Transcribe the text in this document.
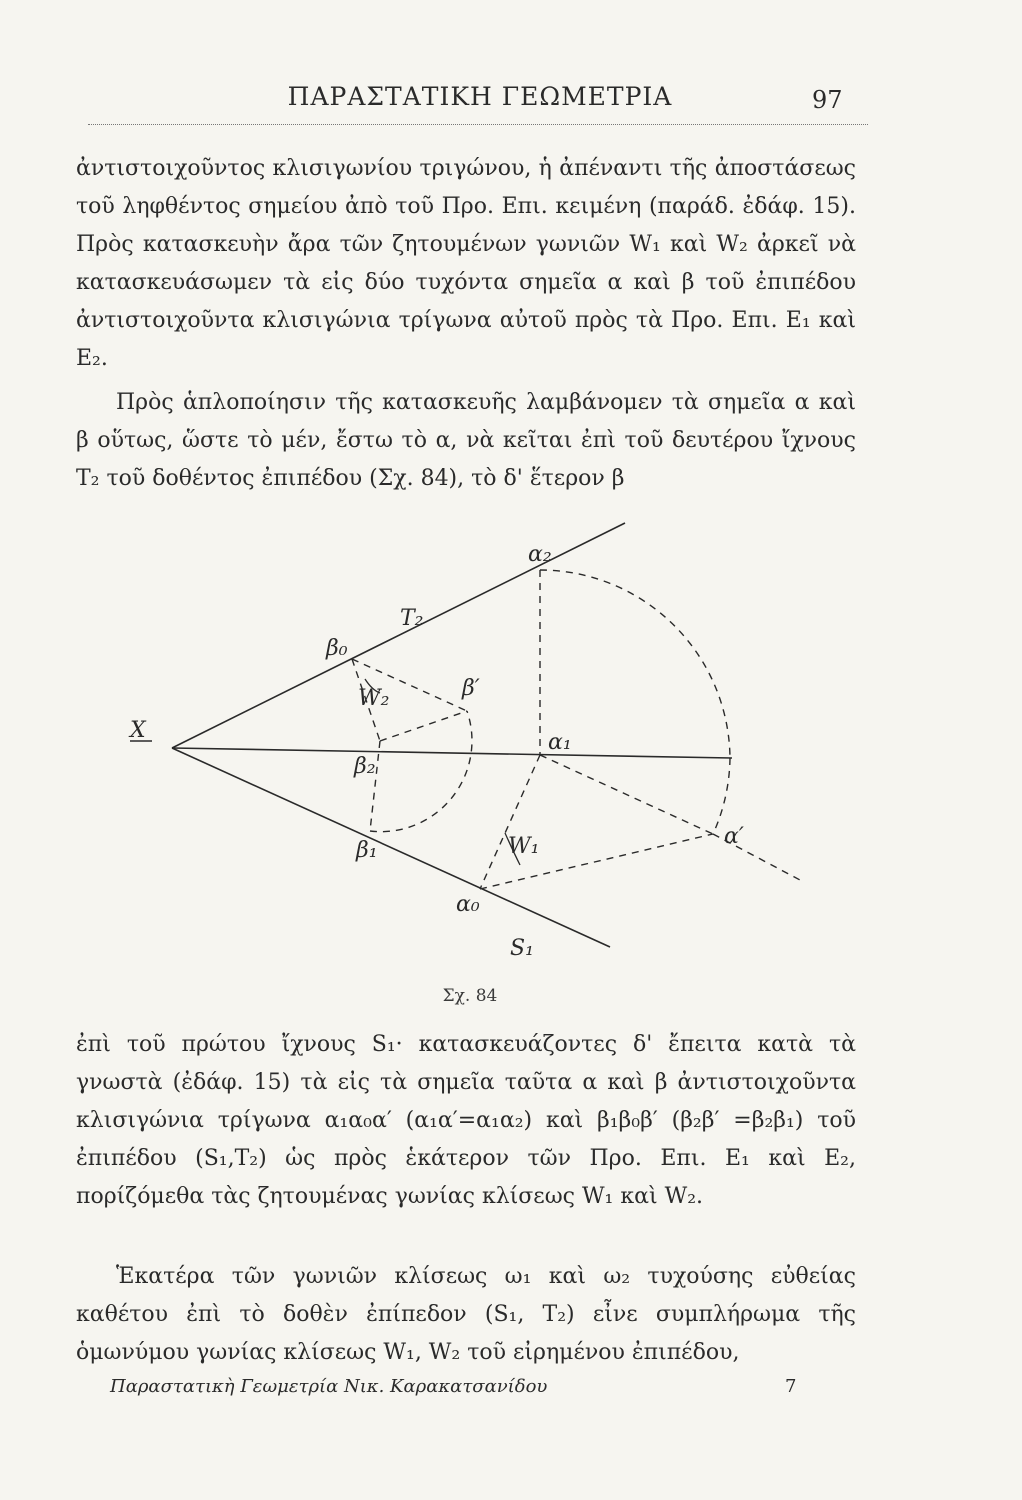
ΠΑΡΑΣΤΑΤΙΚΗ ΓΕΩΜΕΤΡΙΑ	97

ἀντιστοιχοῦντος κλισιγωνίου τριγώνου, ἡ ἀπέναντι τῆς ἀποστάσεως τοῦ ληφθέντος σημείου ἀπὸ τοῦ Προ. Επι. κειμένη (παράδ. ἐδάφ. 15). Πρὸς κατασκευὴν ἄρα τῶν ζητουμένων γωνιῶν W₁ καὶ W₂ ἀρκεῖ νὰ κατασκευάσωμεν τὰ εἰς δύο τυχόντα σημεῖα α καὶ β τοῦ ἐπιπέδου ἀντιστοιχοῦντα κλισιγώνια τρίγωνα αὐτοῦ πρὸς τὰ Προ. Επι. E₁ καὶ E₂.

Πρὸς ἁπλοποίησιν τῆς κατασκευῆς λαμβάνομεν τὰ σημεῖα α καὶ β οὕτως, ὥστε τὸ μέν, ἔστω τὸ α, νὰ κεῖται ἐπὶ τοῦ δευτέρου ἴχνους T₂ τοῦ δοθέντος ἐπιπέδου (Σχ. 84), τὸ δ' ἕτερον β

X
T₂
S₁
α₂
α₁
α₀
α′
β₀
β₁
β₂
β′
W₂
W₁
Σχ. 84

ἐπὶ τοῦ πρώτου ἴχνους S₁· κατασκευάζοντες δ' ἔπειτα κατὰ τὰ γνωστὰ (ἐδάφ. 15) τὰ εἰς τὰ σημεῖα ταῦτα α καὶ β ἀντιστοιχοῦντα κλισιγώνια τρίγωνα α₁α₀α′ (α₁α′=α₁α₂) καὶ β₁β₀β′ (β₂β′ =β₂β₁) τοῦ ἐπιπέδου (S₁,T₂) ὡς πρὸς ἑκάτερον τῶν Προ. Επι. E₁ καὶ E₂, πορίζόμεθα τὰς ζητουμένας γωνίας κλίσεως W₁ καὶ W₂.

Ἑκατέρα τῶν γωνιῶν κλίσεως ω₁ καὶ ω₂ τυχούσης εὐθείας καθέτου ἐπὶ τὸ δοθὲν ἐπίπεδον (S₁, T₂) εἶνε συμπλήρωμα τῆς ὁμωνύμου γωνίας κλίσεως W₁, W₂ τοῦ εἰρημένου ἐπιπέδου,

Παραστατικὴ Γεωμετρία Νικ. Καρακατσανίδου	7
